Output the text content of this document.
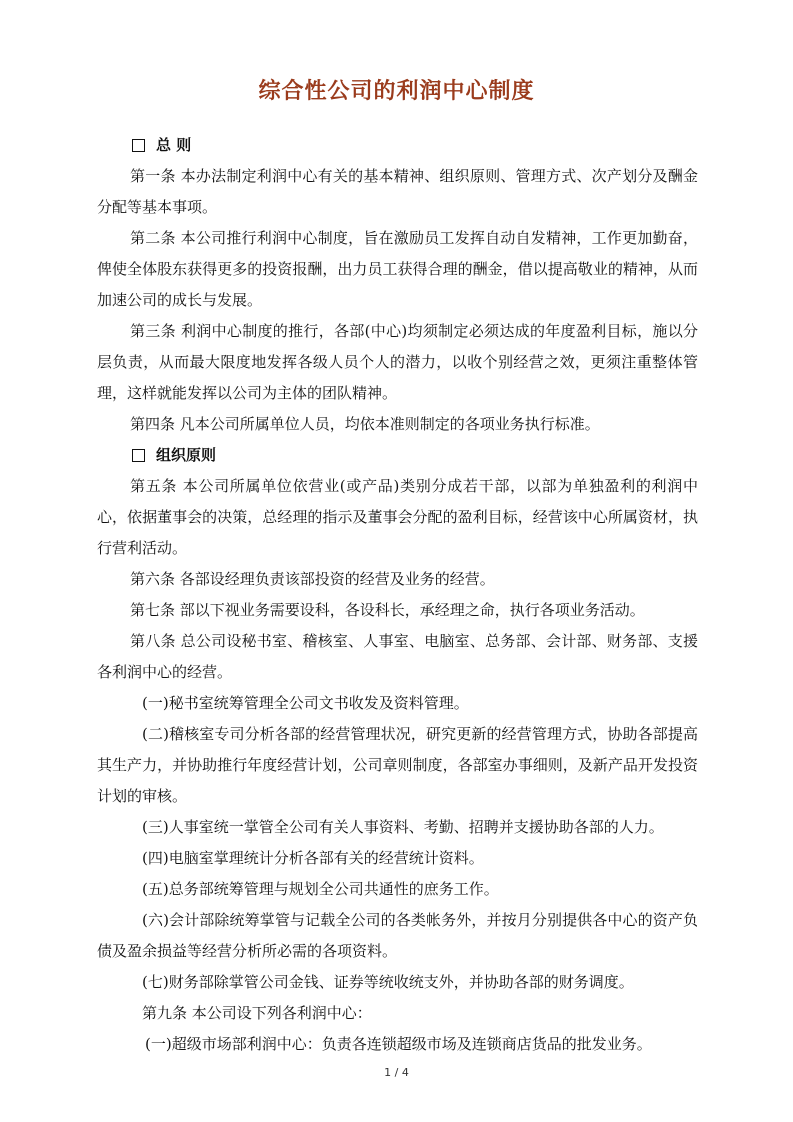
综合性公司的利润中心制度
总 则

第一条 本办法制定利润中心有关的基本精神、组织原则、管理方式、次产划分及酬金分配等基本事项。

第二条 本公司推行利润中心制度，旨在激励员工发挥自动自发精神，工作更加勤奋，俾使全体股东获得更多的投资报酬，出力员工获得合理的酬金，借以提高敬业的精神，从而加速公司的成长与发展。

第三条 利润中心制度的推行，各部(中心)均须制定必须达成的年度盈利目标，施以分层负责，从而最大限度地发挥各级人员个人的潜力，以收个别经营之效，更须注重整体管理，这样就能发挥以公司为主体的团队精神。

第四条 凡本公司所属单位人员，均依本准则制定的各项业务执行标准。

组织原则

第五条 本公司所属单位依营业(或产品)类别分成若干部，以部为单独盈利的利润中心，依据董事会的决策，总经理的指示及董事会分配的盈利目标，经营该中心所属资材，执行营利活动。

第六条 各部设经理负责该部投资的经营及业务的经营。

第七条 部以下视业务需要设科，各设科长，承经理之命，执行各项业务活动。

第八条 总公司设秘书室、稽核室、人事室、电脑室、总务部、会计部、财务部、支援各利润中心的经营。

(一)秘书室统筹管理全公司文书收发及资料管理。

(二)稽核室专司分析各部的经营管理状况，研究更新的经营管理方式，协助各部提高其生产力，并协助推行年度经营计划，公司章则制度，各部室办事细则，及新产品开发投资计划的审核。

(三)人事室统一掌管全公司有关人事资料、考勤、招聘并支援协助各部的人力。

(四)电脑室掌理统计分析各部有关的经营统计资料。

(五)总务部统筹管理与规划全公司共通性的庶务工作。

(六)会计部除统筹掌管与记载全公司的各类帐务外，并按月分别提供各中心的资产负债及盈余损益等经营分析所必需的各项资料。

(七)财务部除掌管公司金钱、证券等统收统支外，并协助各部的财务调度。

第九条 本公司设下列各利润中心：

(一)超级市场部利润中心：负责各连锁超级市场及连锁商店货品的批发业务。

1 / 4
